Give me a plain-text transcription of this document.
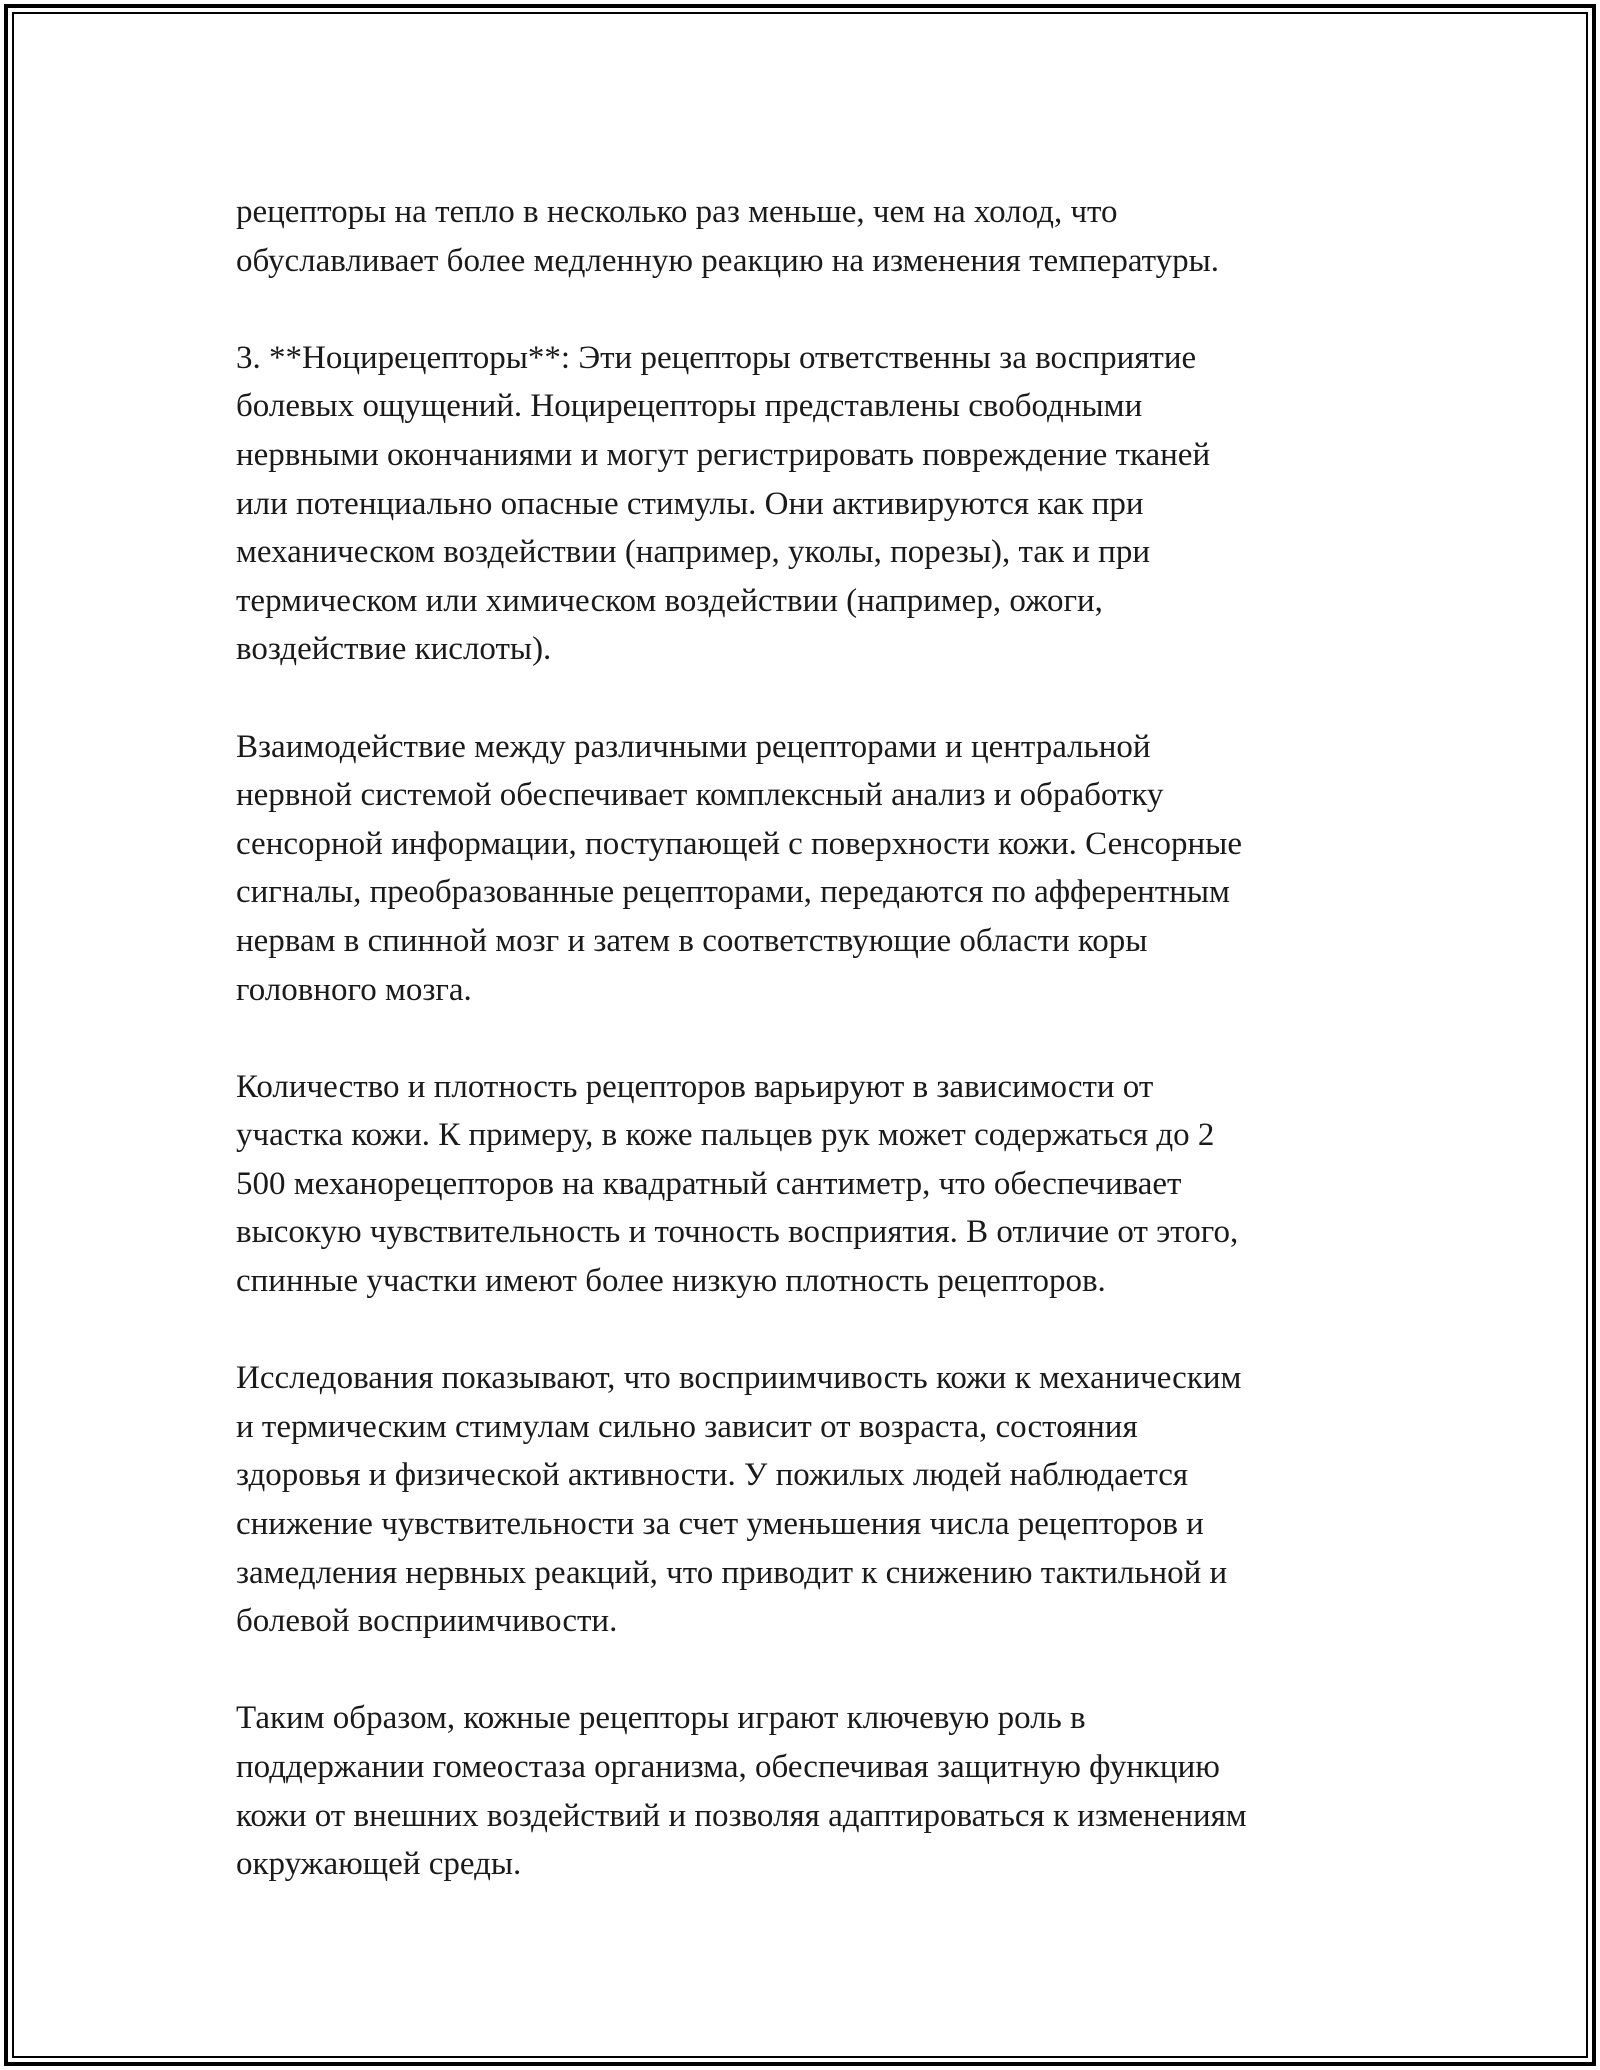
рецепторы на тепло в несколько раз меньше, чем на холод, что
обуславливает более медленную реакцию на изменения температуры.

3. **Ноцирецепторы**: Эти рецепторы ответственны за восприятие
болевых ощущений. Ноцирецепторы представлены свободными
нервными окончаниями и могут регистрировать повреждение тканей
или потенциально опасные стимулы. Они активируются как при
механическом воздействии (например, уколы, порезы), так и при
термическом или химическом воздействии (например, ожоги,
воздействие кислоты).

Взаимодействие между различными рецепторами и центральной
нервной системой обеспечивает комплексный анализ и обработку
сенсорной информации, поступающей с поверхности кожи. Сенсорные
сигналы, преобразованные рецепторами, передаются по афферентным
нервам в спинной мозг и затем в соответствующие области коры
головного мозга.

Количество и плотность рецепторов варьируют в зависимости от
участка кожи. К примеру, в коже пальцев рук может содержаться до 2
500 механорецепторов на квадратный сантиметр, что обеспечивает
высокую чувствительность и точность восприятия. В отличие от этого,
спинные участки имеют более низкую плотность рецепторов.

Исследования показывают, что восприимчивость кожи к механическим
и термическим стимулам сильно зависит от возраста, состояния
здоровья и физической активности. У пожилых людей наблюдается
снижение чувствительности за счет уменьшения числа рецепторов и
замедления нервных реакций, что приводит к снижению тактильной и
болевой восприимчивости.

Таким образом, кожные рецепторы играют ключевую роль в
поддержании гомеостаза организма, обеспечивая защитную функцию
кожи от внешних воздействий и позволяя адаптироваться к изменениям
окружающей среды.
